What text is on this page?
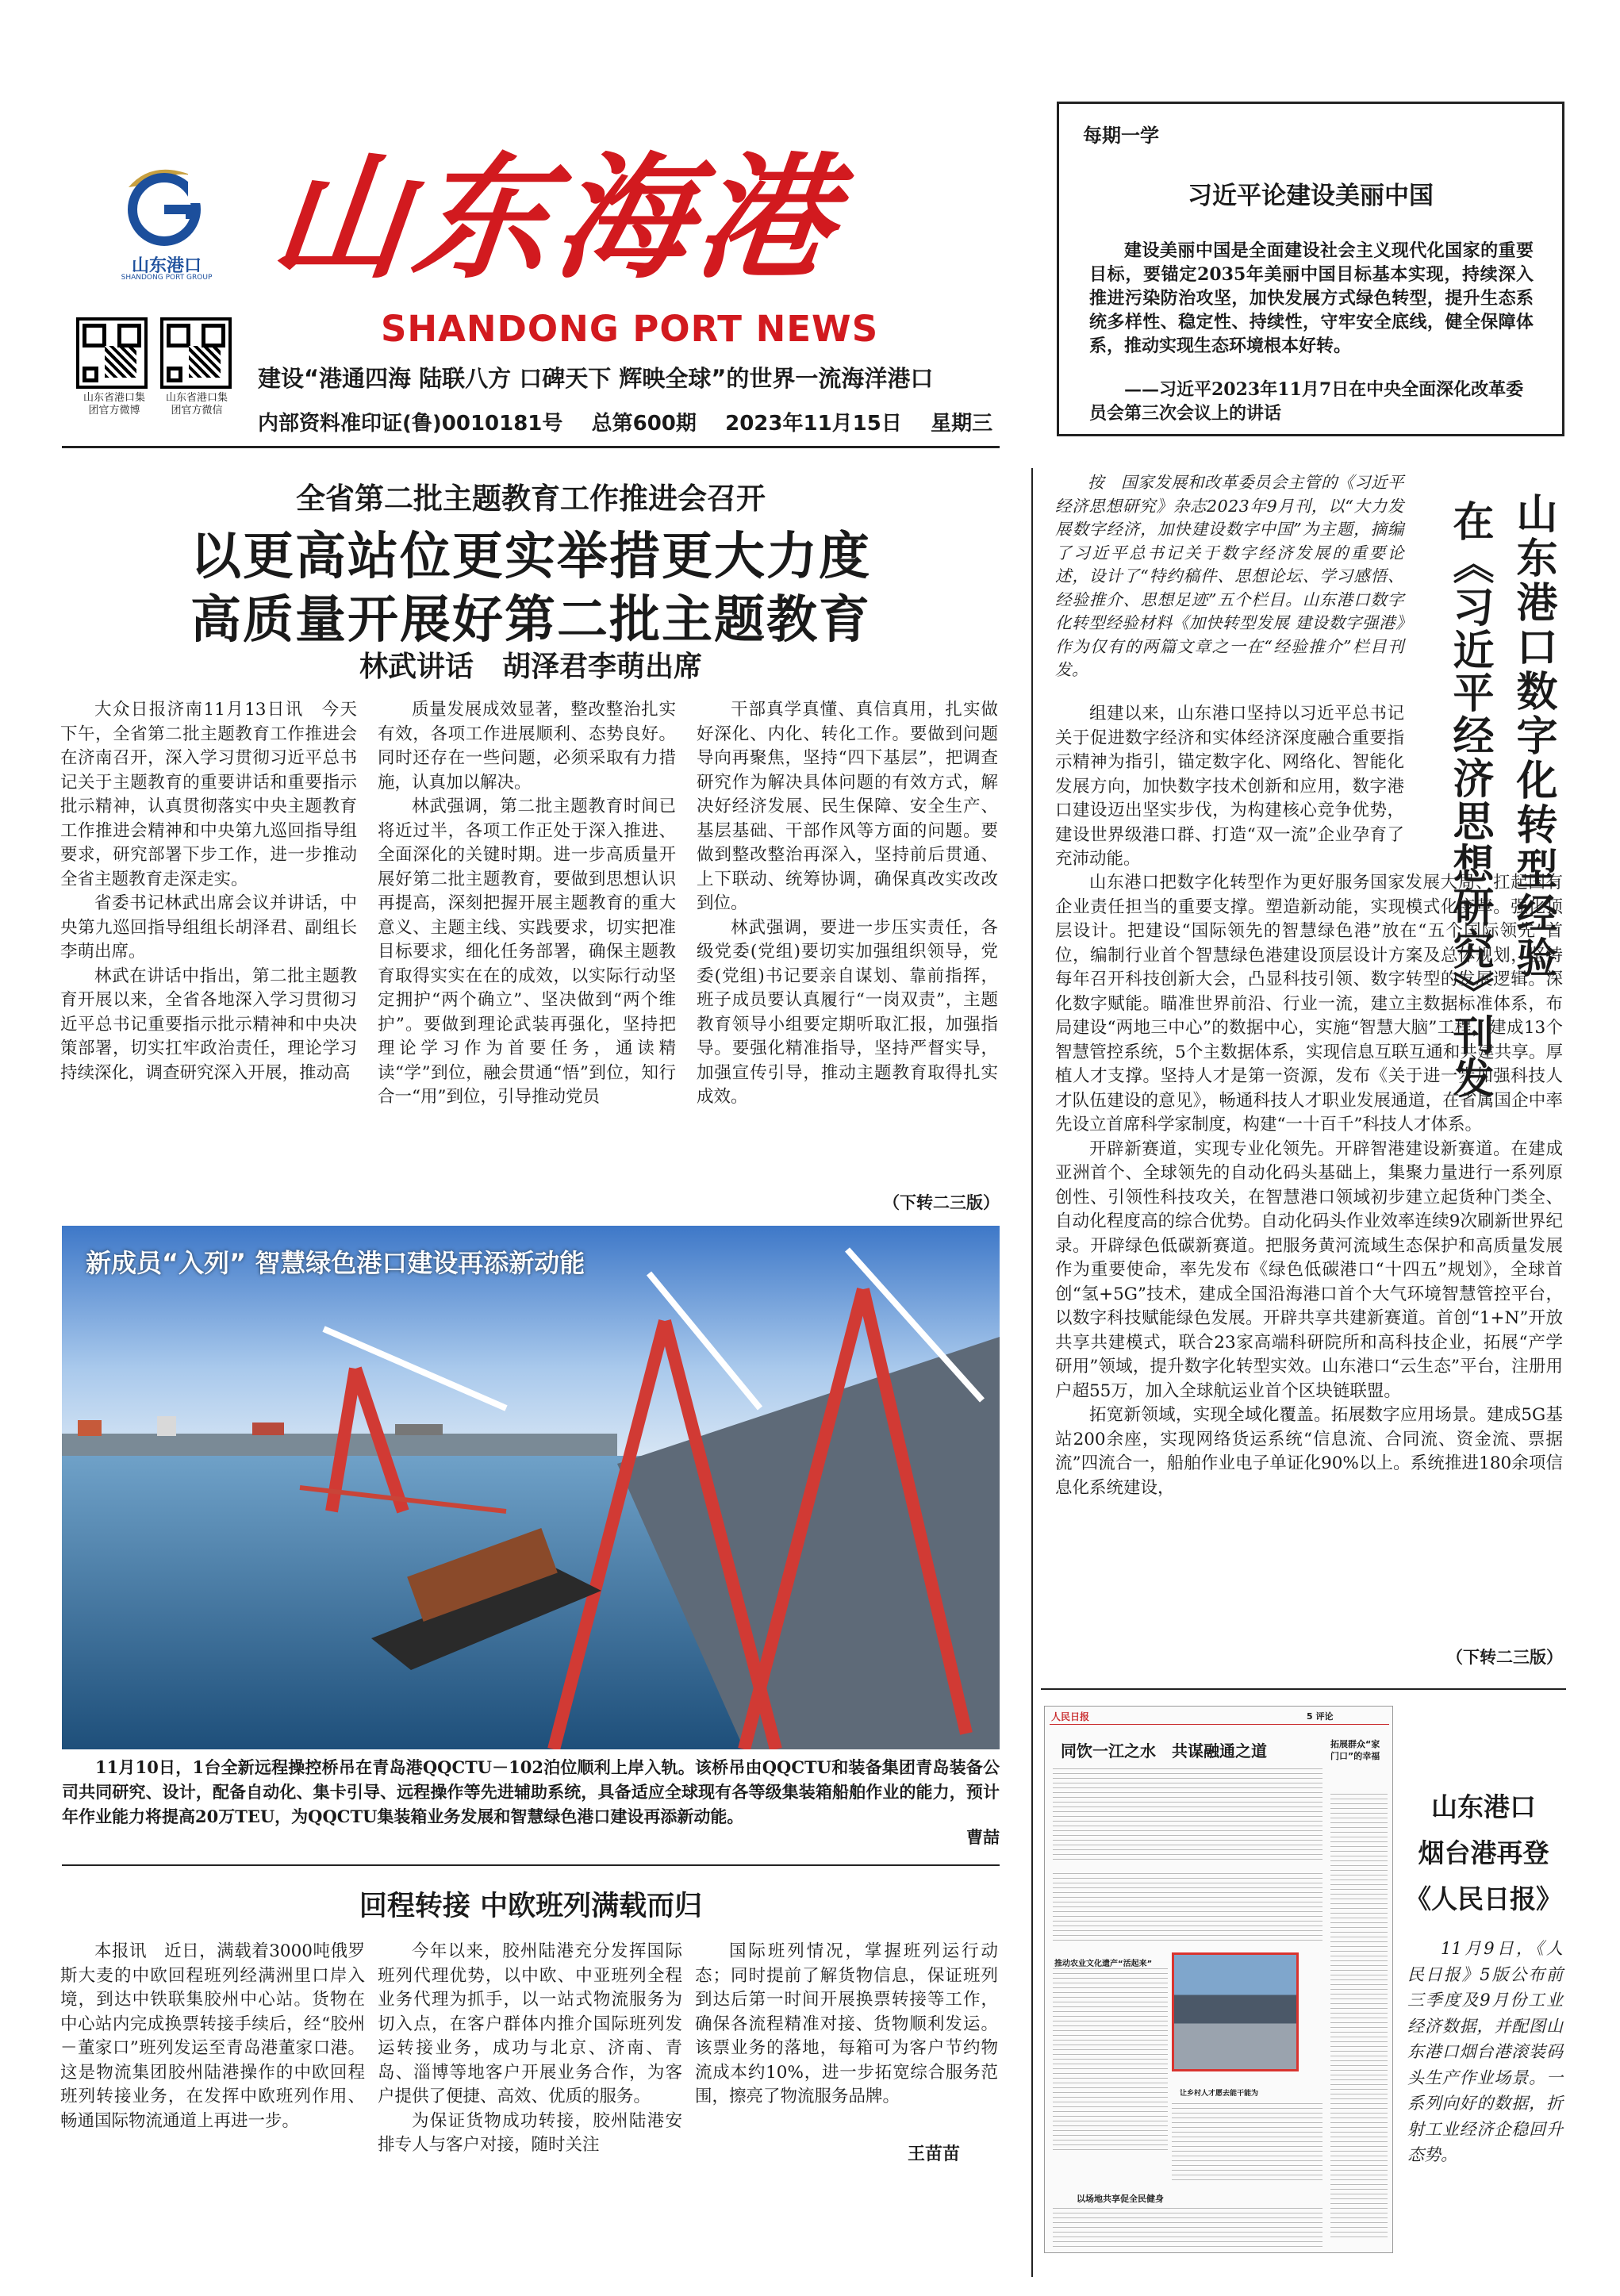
山东港口
SHANDONG PORT GROUP 山东海港
SHANDONG PORT NEWS
山东省港口集团官方微博
山东省港口集团官方微信
建设“港通四海 陆联八方 口碑天下 辉映全球”的世界一流海洋港口
内部资料准印证(鲁)0010181号 总第600期 2023年11月15日 星期三
每期一学
习近平论建设美丽中国
建设美丽中国是全面建设社会主义现代化国家的重要目标，要锚定2035年美丽中国目标基本实现，持续深入推进污染防治攻坚，加快发展方式绿色转型，提升生态系统多样性、稳定性、持续性，守牢安全底线，健全保障体系，推动实现生态环境根本好转。
——习近平2023年11月7日在中央全面深化改革委员会第三次会议上的讲话
全省第二批主题教育工作推进会召开
以更高站位更实举措更大力度
高质量开展好第二批主题教育
林武讲话　胡泽君李萌出席

大众日报济南11月13日讯　今天下午，全省第二批主题教育工作推进会在济南召开，深入学习贯彻习近平总书记关于主题教育的重要讲话和重要指示批示精神，认真贯彻落实中央主题教育工作推进会精神和中央第九巡回指导组要求，研究部署下步工作，进一步推动全省主题教育走深走实。

省委书记林武出席会议并讲话，中央第九巡回指导组组长胡泽君、副组长李萌出席。

林武在讲话中指出，第二批主题教育开展以来，全省各地深入学习贯彻习近平总书记重要指示批示精神和中央决策部署，切实扛牢政治责任，理论学习持续深化，调查研究深入开展，推动高

质量发展成效显著，整改整治扎实有效，各项工作进展顺利、态势良好。同时还存在一些问题，必须采取有力措施，认真加以解决。

林武强调，第二批主题教育时间已将近过半，各项工作正处于深入推进、全面深化的关键时期。进一步高质量开展好第二批主题教育，要做到思想认识再提高，深刻把握开展主题教育的重大意义、主题主线、实践要求，切实把准目标要求，细化任务部署，确保主题教育取得实实在在的成效，以实际行动坚定拥护“两个确立”、坚决做到“两个维护”。要做到理论武装再强化，坚持把理论学习作为首要任务，通读精读“学”到位，融会贯通“悟”到位，知行合一“用”到位，引导推动党员

干部真学真懂、真信真用，扎实做好深化、内化、转化工作。要做到问题导向再聚焦，坚持“四下基层”，把调查研究作为解决具体问题的有效方式，解决好经济发展、民生保障、安全生产、基层基础、干部作风等方面的问题。要做到整改整治再深入，坚持前后贯通、上下联动、统筹协调，确保真改实改改到位。

林武强调，要进一步压实责任，各级党委(党组)要切实加强组织领导，党委(党组)书记要亲自谋划、靠前指挥，班子成员要认真履行“一岗双责”，主题教育领导小组要定期听取汇报，加强指导。要强化精准指导，坚持严督实导，加强宣传引导，推动主题教育取得扎实成效。

（下转二三版）
新成员“入列” 智慧绿色港口建设再添新动能
11月10日，1台全新远程操控桥吊在青岛港QQCTU－102泊位顺利上岸入轨。该桥吊由QQCTU和装备集团青岛装备公司共同研究、设计，配备自动化、集卡引导、远程操作等先进辅助系统，具备适应全球现有各等级集装箱船舶作业的能力，预计年作业能力将提高20万TEU，为QQCTU集装箱业务发展和智慧绿色港口建设再添新动能。
曹喆
回程转接 中欧班列满载而归
本报讯　近日，满载着3000吨俄罗斯大麦的中欧回程班列经满洲里口岸入境，到达中铁联集胶州中心站。货物在中心站内完成换票转接手续后，经“胶州－董家口”班列发运至青岛港董家口港。这是物流集团胶州陆港操作的中欧回程班列转接业务，在发挥中欧班列作用、畅通国际物流通道上再进一步。

今年以来，胶州陆港充分发挥国际班列代理优势，以中欧、中亚班列全程业务代理为抓手，以一站式物流服务为切入点，在客户群体内推介国际班列发运转接业务，成功与北京、济南、青岛、淄博等地客户开展业务合作，为客户提供了便捷、高效、优质的服务。

为保证货物成功转接，胶州陆港安排专人与客户对接，随时关注

国际班列情况，掌握班列运行动态；同时提前了解货物信息，保证班列到达后第一时间开展换票转接等工作，确保各流程精准对接、货物顺利发运。该票业务的落地，每箱可为客户节约物流成本约10%，进一步拓宽综合服务范围，擦亮了物流服务品牌。
王苗苗
按　国家发展和改革委员会主管的《习近平经济思想研究》杂志2023年9月刊，以“大力发展数字经济，加快建设数字中国”为主题，摘编了习近平总书记关于数字经济发展的重要论述，设计了“特约稿件、思想论坛、学习感悟、经验推介、思想足迹”五个栏目。山东港口数字化转型经验材料《加快转型发展 建设数字强港》作为仅有的两篇文章之一在“经验推介”栏目刊发。	山东港口数字化转型经验
在《习近平经济思想研究》刊发
组建以来，山东港口坚持以习近平总书记关于促进数字经济和实体经济深度融合重要指示精神为指引，锚定数字化、网络化、智能化发展方向，加快数字技术创新和应用，数字港口建设迈出坚实步伐，为构建核心竞争优势，建设世界级港口群、打造“双一流”企业孕育了充沛动能。

山东港口把数字化转型作为更好服务国家发展大局、扛起国有企业责任担当的重要支撑。塑造新动能，实现模式化变革。强化顶层设计。把建设“国际领先的智慧绿色港”放在“五个国际领先”首位，编制行业首个智慧绿色港建设顶层设计方案及总体规划，坚持每年召开科技创新大会，凸显科技引领、数字转型的发展逻辑。深化数字赋能。瞄准世界前沿、行业一流，建立主数据标准体系，布局建设“两地三中心”的数据中心，实施“智慧大脑”工程，建成13个智慧管控系统，5个主数据体系，实现信息互联互通和共建共享。厚植人才支撑。坚持人才是第一资源，发布《关于进一步加强科技人才队伍建设的意见》，畅通科技人才职业发展通道，在省属国企中率先设立首席科学家制度，构建“一十百千”科技人才体系。

开辟新赛道，实现专业化领先。开辟智港建设新赛道。在建成亚洲首个、全球领先的自动化码头基础上，集聚力量进行一系列原创性、引领性科技攻关，在智慧港口领域初步建立起货种门类全、自动化程度高的综合优势。自动化码头作业效率连续9次刷新世界纪录。开辟绿色低碳新赛道。把服务黄河流域生态保护和高质量发展作为重要使命，率先发布《绿色低碳港口“十四五”规划》，全球首创“氢+5G”技术，建成全国沿海港口首个大气环境智慧管控平台，以数字科技赋能绿色发展。开辟共享共建新赛道。首创“1+N”开放共享共建模式，联合23家高端科研院所和高科技企业，拓展“产学研用”领域，提升数字化转型实效。山东港口“云生态”平台，注册用户超55万，加入全球航运业首个区块链联盟。

拓宽新领域，实现全域化覆盖。拓展数字应用场景。建成5G基站200余座，实现网络货运系统“信息流、合同流、资金流、票据流”四流合一，船舶作业电子单证化90%以上。系统推进180余项信息化系统建设，

（下转二三版）
人民日报	5 评论
同饮一江之水　共谋融通之道	拓展群众“家门口”的幸福
推动农业文化遗产“活起来”
让乡村人才愿去能干能为
以场地共享促全民健身
山东港口
烟台港再登
《人民日报》
11月9日，《人民日报》5版公布前三季度及9月份工业经济数据，并配图山东港口烟台港滚装码头生产作业场景。一系列向好的数据，折射工业经济企稳回升态势。
